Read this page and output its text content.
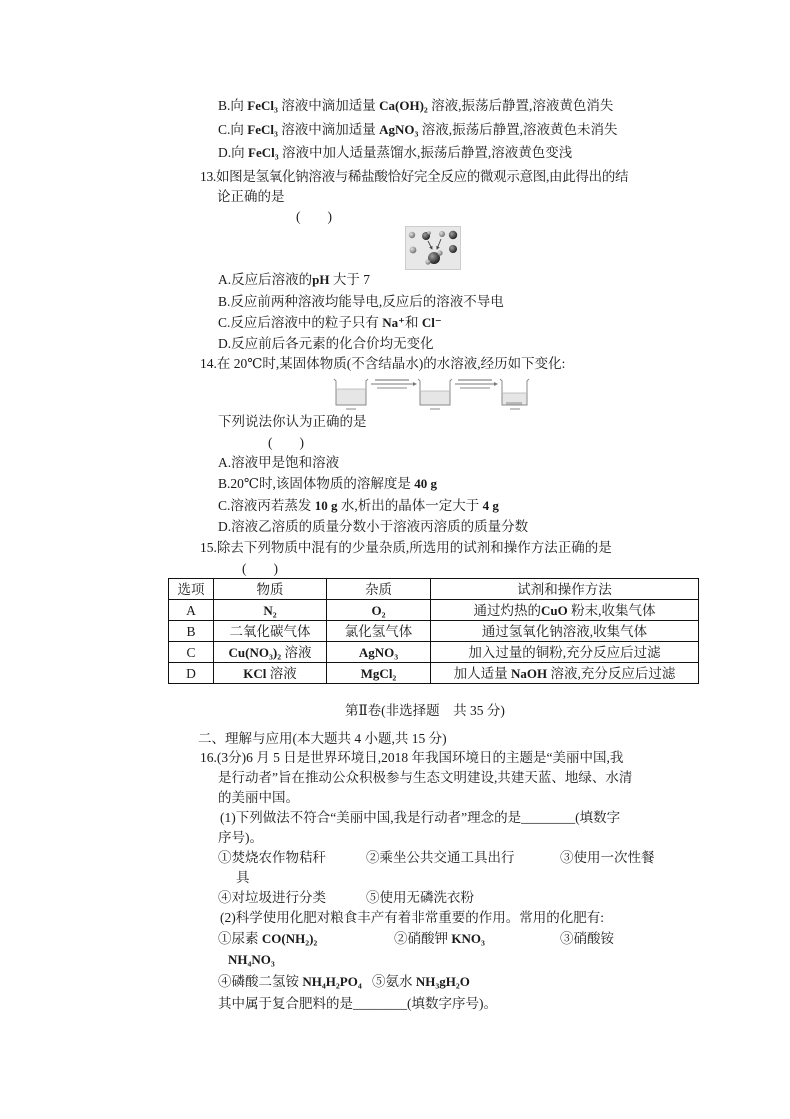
B.向 FeCl₃ 溶液中滴加适量 Ca(OH)₂ 溶液,振荡后静置,溶液黄色消失
C.向 FeCl₃ 溶液中滴加适量 AgNO₃ 溶液,振荡后静置,溶液黄色未消失
D.向 FeCl₃ 溶液中加人适量蒸馏水,振荡后静置,溶液黄色变浅
13.如图是氢氧化钠溶液与稀盐酸恰好完全反应的微观示意图,由此得出的结
论正确的是
(　　)
A.反应后溶液的pH 大于 7
B.反应前两种溶液均能导电,反应后的溶液不导电
C.反应后溶液中的粒子只有 Na⁺和 Cl⁻
D.反应前后各元素的化合价均无变化
14.在 20℃时,某固体物质(不含结晶水)的水溶液,经历如下变化:
下列说法你认为正确的是
(　　)
A.溶液甲是饱和溶液
B.20℃时,该固体物质的溶解度是 40 g
C.溶液丙若蒸发 10 g 水,析出的晶体一定大于 4 g
D.溶液乙溶质的质量分数小于溶液丙溶质的质量分数
15.除去下列物质中混有的少量杂质,所选用的试剂和操作方法正确的是
(　　)
选项	物质	杂质	试剂和操作方法
A	N₂	O₂	通过灼热的CuO 粉末,收集气体
B	二氧化碳气体	氯化氢气体	通过氢氧化钠溶液,收集气体
C	Cu(NO₃)₂ 溶液	AgNO₃	加入过量的铜粉,充分反应后过滤
D	KCl 溶液	MgCl₂	加人适量 NaOH 溶液,充分反应后过滤
第Ⅱ卷(非选择题　共 35 分)
二、理解与应用(本大题共 4 小题,共 15 分)
16.(3分)6 月 5 日是世界环境日,2018 年我国环境日的主题是“美丽中国,我
是行动者”旨在推动公众积极参与生态文明建设,共建天蓝、地绿、水清
的美丽中国。
(1)下列做法不符合“美丽中国,我是行动者”理念的是________(填数字
序号)。
①焚烧农作物秸秆	②乘坐公共交通工具出行	③使用一次性餐
具
④对垃圾进行分类	⑤使用无磷洗衣粉
(2)科学使用化肥对粮食丰产有着非常重要的作用。常用的化肥有:
①尿素 CO(NH₂)₂	②硝酸钾 KNO₃	③硝酸铵
NH₄NO₃
④磷酸二氢铵 NH₄H₂PO₄ ⑤氨水 NH₃gH₂O
其中属于复合肥料的是________(填数字序号)。
